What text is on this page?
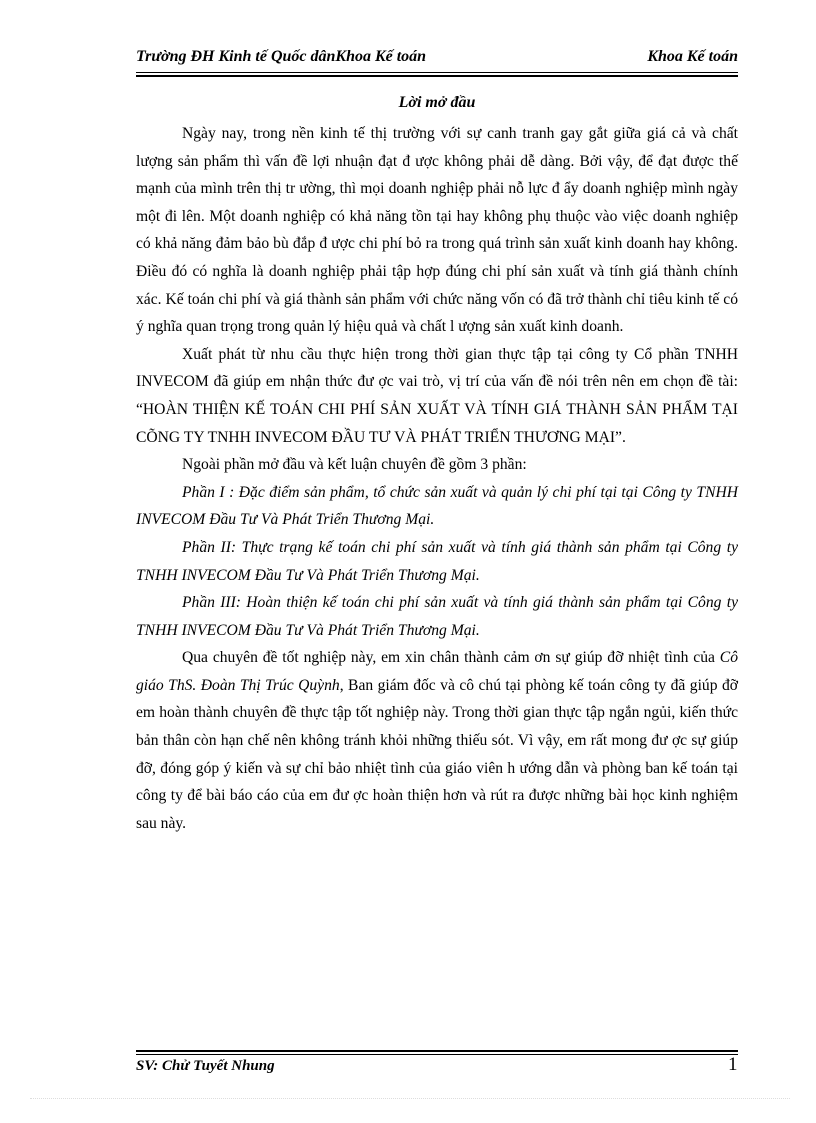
Trường ĐH Kinh tế Quốc dânKhoa Kế toán	Khoa Kế toán
Lời mở đầu

Ngày nay, trong nền kinh tế thị trường với sự canh tranh gay gắt giữa giá cả và chất lượng sản phẩm thì vấn đề lợi nhuận đạt đ ược không phải dễ dàng. Bởi vậy, để đạt được thế mạnh của mình trên thị tr ường, thì mọi doanh nghiệp phải nỗ lực đ ẩy doanh nghiệp mình ngày một đi lên. Một doanh nghiệp có khả năng tồn tại hay không phụ thuộc vào việc doanh nghiệp có khả năng đảm bảo bù đắp đ ược chi phí bỏ ra trong quá trình sản xuất kinh doanh hay không. Điều đó có nghĩa là doanh nghiệp phải tập hợp đúng chi phí sản xuất và tính giá thành chính xác. Kế toán chi phí và giá thành sản phẩm với chức năng vốn có đã trở thành chỉ tiêu kinh tế có ý nghĩa quan trọng trong quản lý hiệu quả và chất l ượng sản xuất kinh doanh.

Xuất phát từ nhu cầu thực hiện trong thời gian thực tập tại công ty Cổ phần TNHH INVECOM đã giúp em nhận thức đư ợc vai trò, vị trí của vấn đề nói trên nên em chọn đề tài: “HOÀN THIỆN KẾ TOÁN CHI PHÍ SẢN XUẤT VÀ TÍNH GIÁ THÀNH SẢN PHẨM TẠI CÕNG TY TNHH INVECOM ĐẦU TƯ VÀ PHÁT TRIỂN THƯƠNG MẠI”.

Ngoài phần mở đầu và kết luận chuyên đề gồm 3 phần:

Phần I : Đặc điểm sản phẩm, tổ chức sản xuất và quản lý chi phí tại tại Công ty TNHH INVECOM Đầu Tư Và Phát Triển Thương Mại.

Phần II: Thực trạng kế toán chi phí sản xuất và tính giá thành sản phẩm tại Công ty TNHH INVECOM Đầu Tư Và Phát Triển Thương Mại.

Phần III: Hoàn thiện kế toán chi phí sản xuất và tính giá thành sản phẩm tại Công ty TNHH INVECOM Đầu Tư Và Phát Triển Thương Mại.

Qua chuyên đề tốt nghiệp này, em xin chân thành cảm ơn sự giúp đỡ nhiệt tình của Cô giáo ThS. Đoàn Thị Trúc Quỳnh, Ban giám đốc và cô chú tại phòng kế toán công ty đã giúp đỡ em hoàn thành chuyên đề thực tập tốt nghiệp này. Trong thời gian thực tập ngắn ngủi, kiến thức bản thân còn hạn chế nên không tránh khỏi những thiếu sót. Vì vậy, em rất mong đư ợc sự giúp đỡ, đóng góp ý kiến và sự chỉ bảo nhiệt tình của giáo viên h ướng dẫn và phòng ban kế toán tại công ty để bài báo cáo của em đư ợc hoàn thiện hơn và rút ra được những bài học kinh nghiệm sau này.

SV: Chử Tuyết Nhung	1
